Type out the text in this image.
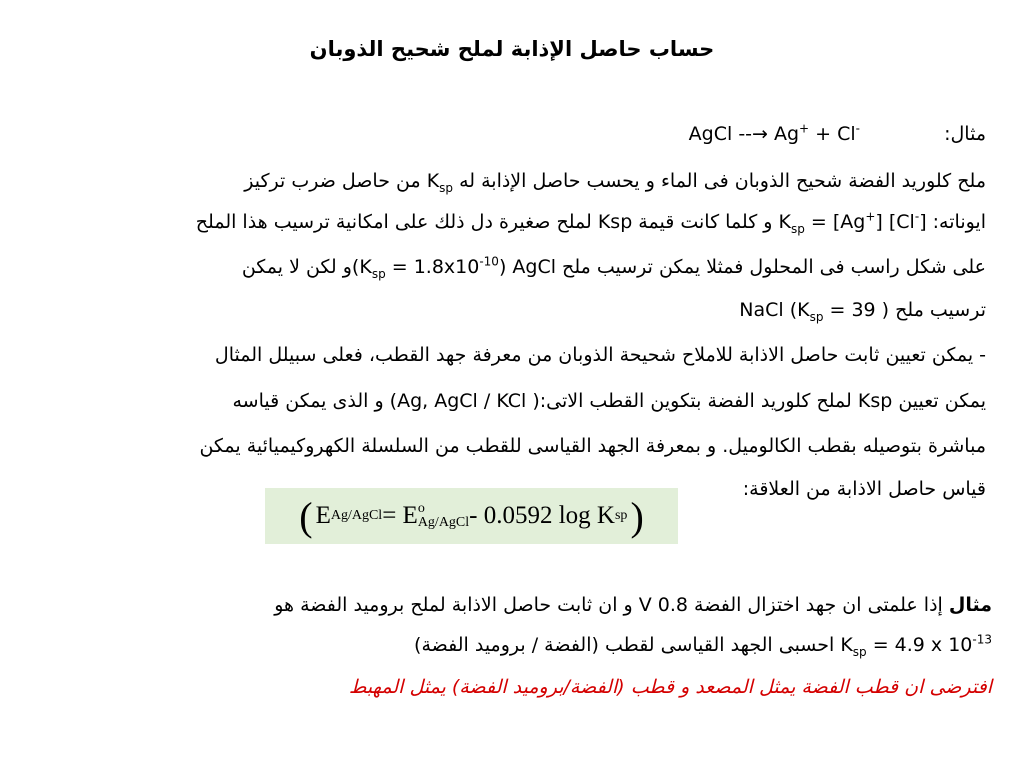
حساب حاصل الإذابة لملح شحيح الذوبان
مثال:  AgCl --→ Ag+ + Cl-
ملح كلوريد الفضة شحيح الذوبان فى الماء و يحسب حاصل الإذابة له $K_{sp}$ من حاصل ضرب تركيز
ايوناته: $K_{sp} = [Ag^+]$ [Cl-] و كلما كانت قيمة Ksp لملح صغيرة دل ذلك على امكانية ترسيب هذا الملح
على شكل راسب فى المحلول فمثلا يمكن ترسيب ملح AgCl ($K_{sp}$ = $1.8x10^{-10})و$ لكن لا يمكن
ترسيب ملح NaCl ($K_{sp} = 39$ )
- يمكن تعيين ثابت حاصل الاذابة للاملاح شحيحة الذوبان من معرفة جهد القطب، فعلى سبيلل المثال
يمكن تعيين Ksp لملح كلوريد الفضة بتكوين القطب الاتى:( Ag, AgCl / KCl) و الذى يمكن قياسه
مباشرة بتوصيله بقطب الكالوميل. و بمعرفة الجهد القياسى للقطب من السلسلة الكهروكيميائية يمكن
قياس حاصل الاذابة من العلاقة:
( E Ag/AgCl = E o
Ag/AgCl - 0.0592 log K sp )
مثال إذا علمتى ان جهد اختزال الفضة 0.8 V و ان ثابت حاصل الاذابة لملح بروميد الفضة هو
$K_{sp} = 4.9$ x $10^{-13}$ احسبى الجهد القياسى لقطب (الفضة / بروميد الفضة)
افترضى ان قطب الفضة يمثل المصعد و قطب (الفضة/بروميد الفضة) يمثل المهبط
